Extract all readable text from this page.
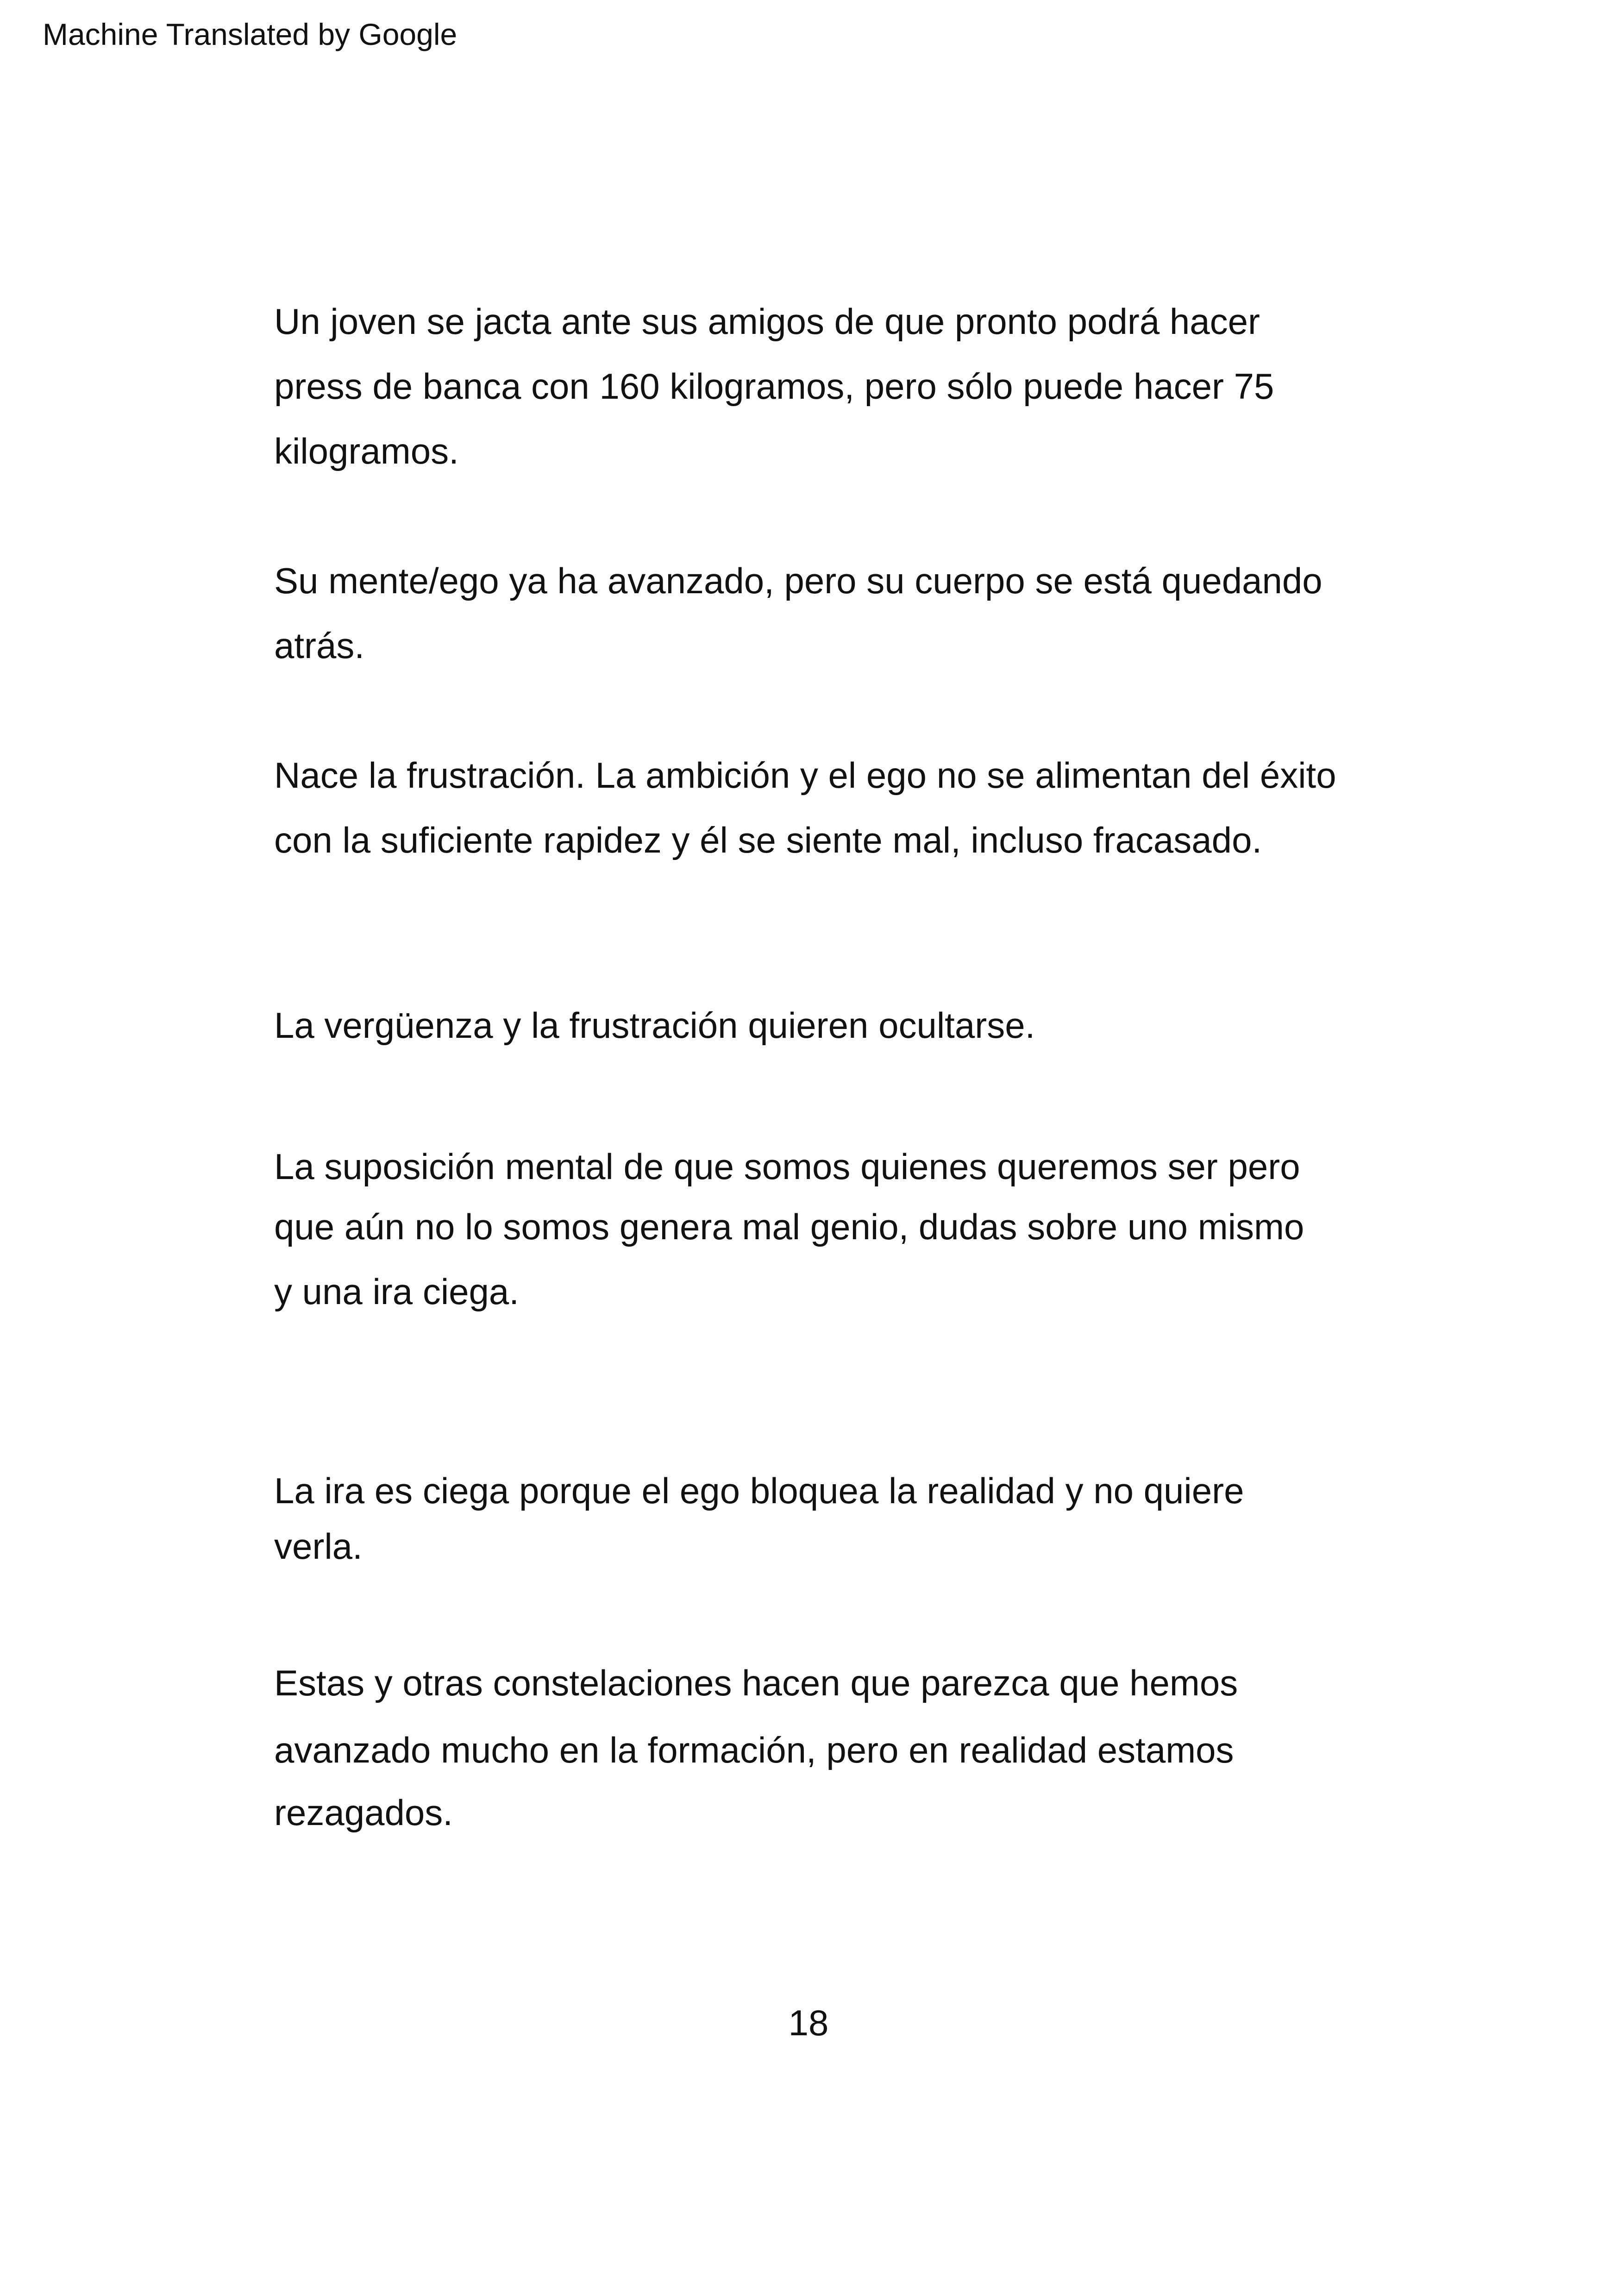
Machine Translated by Google
Un joven se jacta ante sus amigos de que pronto podrá hacer
press de banca con 160 kilogramos, pero sólo puede hacer 75
kilogramos.
Su mente/ego ya ha avanzado, pero su cuerpo se está quedando
atrás.
Nace la frustración. La ambición y el ego no se alimentan del éxito
con la suficiente rapidez y él se siente mal, incluso fracasado.
La vergüenza y la frustración quieren ocultarse.
La suposición mental de que somos quienes queremos ser pero
que aún no lo somos genera mal genio, dudas sobre uno mismo
y una ira ciega.
La ira es ciega porque el ego bloquea la realidad y no quiere
verla.
Estas y otras constelaciones hacen que parezca que hemos
avanzado mucho en la formación, pero en realidad estamos
rezagados.
18
